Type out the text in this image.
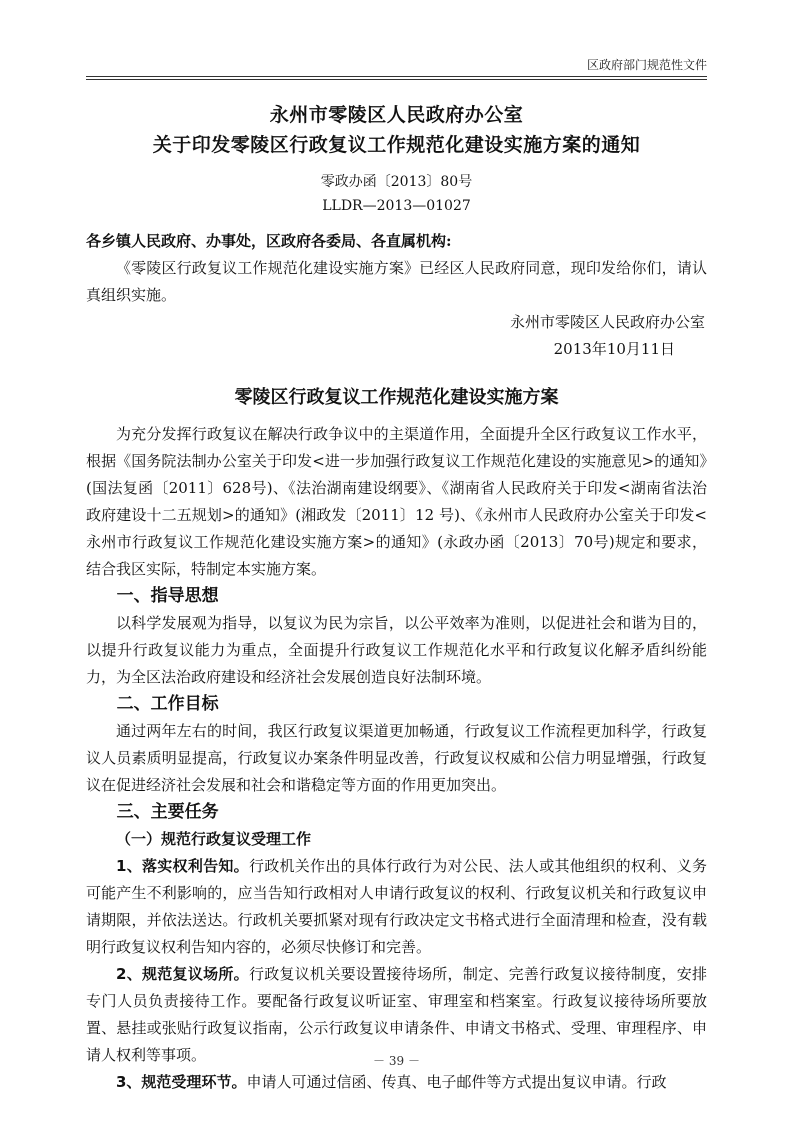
区政府部门规范性文件

永州市零陵区人民政府办公室

关于印发零陵区行政复议工作规范化建设实施方案的通知

零政办函〔2013〕80号

LLDR—2013—01027

各乡镇人民政府、办事处，区政府各委局、各直属机构:

《零陵区行政复议工作规范化建设实施方案》已经区人民政府同意，现印发给你们，请认真组织实施。

永州市零陵区人民政府办公室

2013年10月11日

零陵区行政复议工作规范化建设实施方案

为充分发挥行政复议在解决行政争议中的主渠道作用，全面提升全区行政复议工作水平，根据《国务院法制办公室关于印发<进一步加强行政复议工作规范化建设的实施意见>的通知》(国法复函〔2011〕628号)、《法治湖南建设纲要》、《湖南省人民政府关于印发<湖南省法治政府建设十二五规划>的通知》(湘政发〔2011〕12 号)、《永州市人民政府办公室关于印发<永州市行政复议工作规范化建设实施方案>的通知》(永政办函〔2013〕70号)规定和要求，结合我区实际，特制定本实施方案。

一、指导思想

以科学发展观为指导，以复议为民为宗旨，以公平效率为准则，以促进社会和谐为目的，以提升行政复议能力为重点，全面提升行政复议工作规范化水平和行政复议化解矛盾纠纷能力，为全区法治政府建设和经济社会发展创造良好法制环境。

二、工作目标

通过两年左右的时间，我区行政复议渠道更加畅通，行政复议工作流程更加科学，行政复议人员素质明显提高，行政复议办案条件明显改善，行政复议权威和公信力明显增强，行政复议在促进经济社会发展和社会和谐稳定等方面的作用更加突出。

三、主要任务

（一）规范行政复议受理工作

1、落实权利告知。行政机关作出的具体行政行为对公民、法人或其他组织的权利、义务可能产生不利影响的，应当告知行政相对人申请行政复议的权利、行政复议机关和行政复议申请期限，并依法送达。行政机关要抓紧对现有行政决定文书格式进行全面清理和检查，没有载明行政复议权利告知内容的，必须尽快修订和完善。

2、规范复议场所。行政复议机关要设置接待场所，制定、完善行政复议接待制度，安排专门人员负责接待工作。要配备行政复议听证室、审理室和档案室。行政复议接待场所要放置、悬挂或张贴行政复议指南，公示行政复议申请条件、申请文书格式、受理、审理程序、申请人权利等事项。

3、规范受理环节。申请人可通过信函、传真、电子邮件等方式提出复议申请。行政

－ 39 －
